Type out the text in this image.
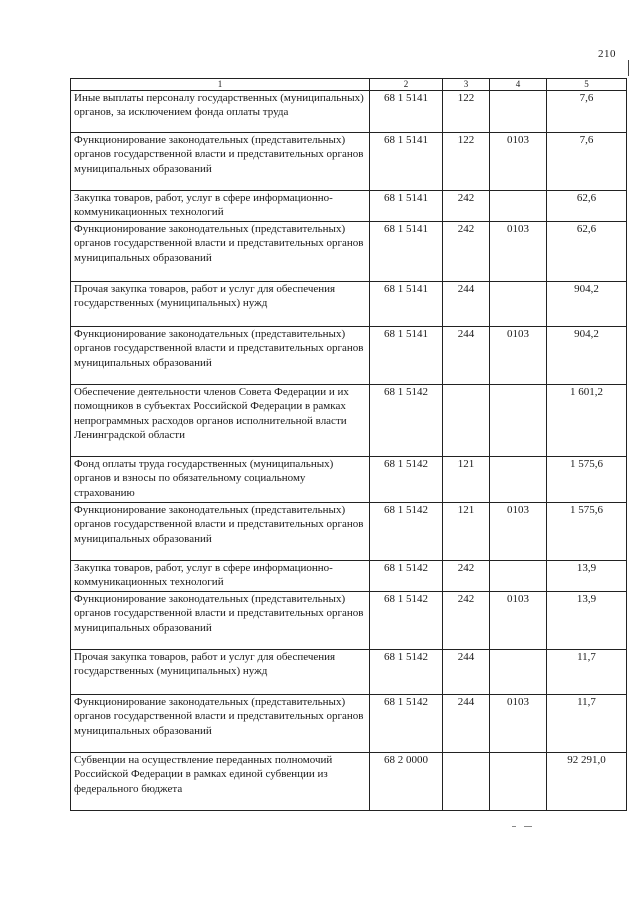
210
1	2	3	4	5
Иные выплаты персоналу государственных (муниципальных) органов, за исключением фонда оплаты труда	68 1 5141	122		7,6
Функционирование законодательных (представительных) органов государственной власти и представительных органов муниципальных образований	68 1 5141	122	0103	7,6
Закупка товаров, работ, услуг в сфере информационно-коммуникационных технологий	68 1 5141	242		62,6
Функционирование законодательных (представительных) органов государственной власти и представительных органов муниципальных образований	68 1 5141	242	0103	62,6
Прочая закупка товаров, работ и услуг для обеспечения государственных (муниципальных) нужд	68 1 5141	244		904,2
Функционирование законодательных (представительных) органов государственной власти и представительных органов муниципальных образований	68 1 5141	244	0103	904,2
Обеспечение деятельности членов Совета Федерации и их помощников в субъектах Российской Федерации в рамках непрограммных расходов органов исполнительной власти Ленинградской области	68 1 5142			1 601,2
Фонд оплаты труда государственных (муниципальных) органов и взносы по обязательному социальному страхованию	68 1 5142	121		1 575,6
Функционирование законодательных (представительных) органов государственной власти и представительных органов муниципальных образований	68 1 5142	121	0103	1 575,6
Закупка товаров, работ, услуг в сфере информационно-коммуникационных технологий	68 1 5142	242		13,9
Функционирование законодательных (представительных) органов государственной власти и представительных органов муниципальных образований	68 1 5142	242	0103	13,9
Прочая закупка товаров, работ и услуг для обеспечения государственных (муниципальных) нужд	68 1 5142	244		11,7
Функционирование законодательных (представительных) органов государственной власти и представительных органов муниципальных образований	68 1 5142	244	0103	11,7
Субвенции на осуществление переданных полномочий Российской Федерации в рамках единой субвенции из федерального бюджета	68 2 0000			92 291,0
